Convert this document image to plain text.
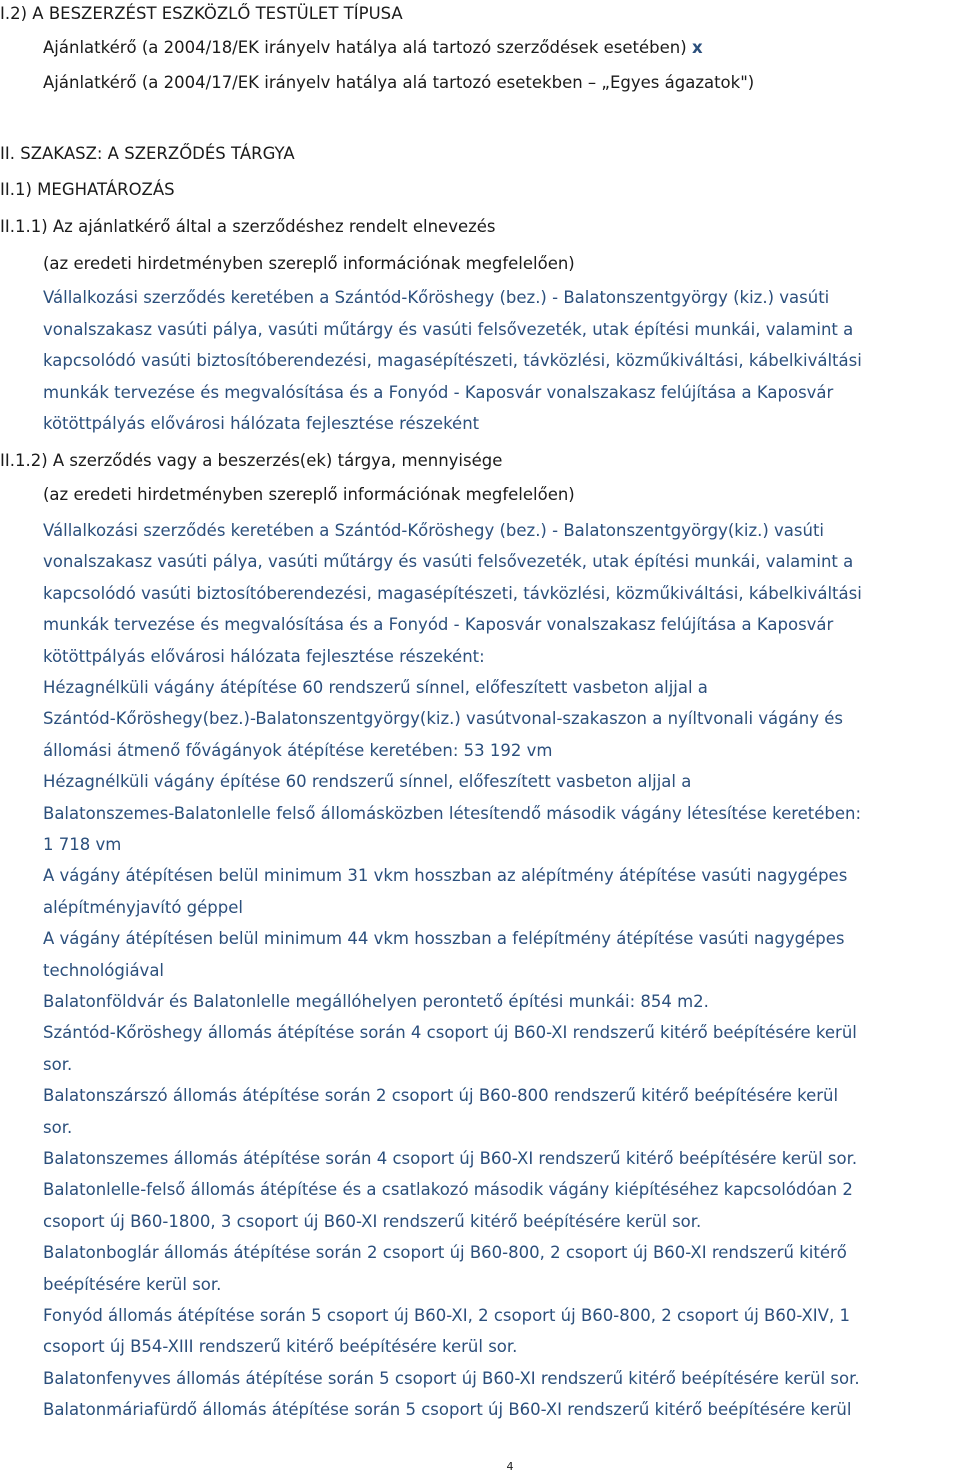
I.2) A BESZERZÉST ESZKÖZLŐ TESTÜLET TÍPUSA
Ajánlatkérő (a 2004/18/EK irányelv hatálya alá tartozó szerződések esetében) x
Ajánlatkérő (a 2004/17/EK irányelv hatálya alá tartozó esetekben – „Egyes ágazatok")
II. SZAKASZ: A SZERZŐDÉS TÁRGYA
II.1) MEGHATÁROZÁS
II.1.1) Az ajánlatkérő által a szerződéshez rendelt elnevezés
(az eredeti hirdetményben szereplő információnak megfelelően)
Vállalkozási szerződés keretében a Szántód-Kőröshegy (bez.) - Balatonszentgyörgy (kiz.) vasúti
vonalszakasz vasúti pálya, vasúti műtárgy és vasúti felsővezeték, utak építési munkái, valamint a
kapcsolódó vasúti biztosítóberendezési, magasépítészeti, távközlési, közműkiváltási, kábelkiváltási
munkák tervezése és megvalósítása és a Fonyód - Kaposvár vonalszakasz felújítása a Kaposvár
kötöttpályás elővárosi hálózata fejlesztése részeként
II.1.2) A szerződés vagy a beszerzés(ek) tárgya, mennyisége
(az eredeti hirdetményben szereplő információnak megfelelően)
Vállalkozási szerződés keretében a Szántód-Kőröshegy (bez.) - Balatonszentgyörgy(kiz.) vasúti
vonalszakasz vasúti pálya, vasúti műtárgy és vasúti felsővezeték, utak építési munkái, valamint a
kapcsolódó vasúti biztosítóberendezési, magasépítészeti, távközlési, közműkiváltási, kábelkiváltási
munkák tervezése és megvalósítása és a Fonyód - Kaposvár vonalszakasz felújítása a Kaposvár
kötöttpályás elővárosi hálózata fejlesztése részeként:
Hézagnélküli vágány átépítése 60 rendszerű sínnel, előfeszített vasbeton aljjal a
Szántód-Kőröshegy(bez.)-Balatonszentgyörgy(kiz.) vasútvonal-szakaszon a nyíltvonali vágány és
állomási átmenő fővágányok átépítése keretében: 53 192 vm
Hézagnélküli vágány építése 60 rendszerű sínnel, előfeszített vasbeton aljjal a
Balatonszemes-Balatonlelle felső állomásközben létesítendő második vágány létesítése keretében:
1 718 vm
A vágány átépítésen belül minimum 31 vkm hosszban az alépítmény átépítése vasúti nagygépes
alépítményjavító géppel
A vágány átépítésen belül minimum 44 vkm hosszban a felépítmény átépítése vasúti nagygépes
technológiával
Balatonföldvár és Balatonlelle megállóhelyen perontető építési munkái: 854 m2.
Szántód-Kőröshegy állomás átépítése során 4 csoport új B60-XI rendszerű kitérő beépítésére kerül
sor.
Balatonszárszó állomás átépítése során 2 csoport új B60-800 rendszerű kitérő beépítésére kerül
sor.
Balatonszemes állomás átépítése során 4 csoport új B60-XI rendszerű kitérő beépítésére kerül sor.
Balatonlelle-felső állomás átépítése és a csatlakozó második vágány kiépítéséhez kapcsolódóan 2
csoport új B60-1800, 3 csoport új B60-XI rendszerű kitérő beépítésére kerül sor.
Balatonboglár állomás átépítése során 2 csoport új B60-800, 2 csoport új B60-XI rendszerű kitérő
beépítésére kerül sor.
Fonyód állomás átépítése során 5 csoport új B60-XI, 2 csoport új B60-800, 2 csoport új B60-XIV, 1
csoport új B54-XIII rendszerű kitérő beépítésére kerül sor.
Balatonfenyves állomás átépítése során 5 csoport új B60-XI rendszerű kitérő beépítésére kerül sor.
Balatonmáriafürdő állomás átépítése során 5 csoport új B60-XI rendszerű kitérő beépítésére kerül
4
